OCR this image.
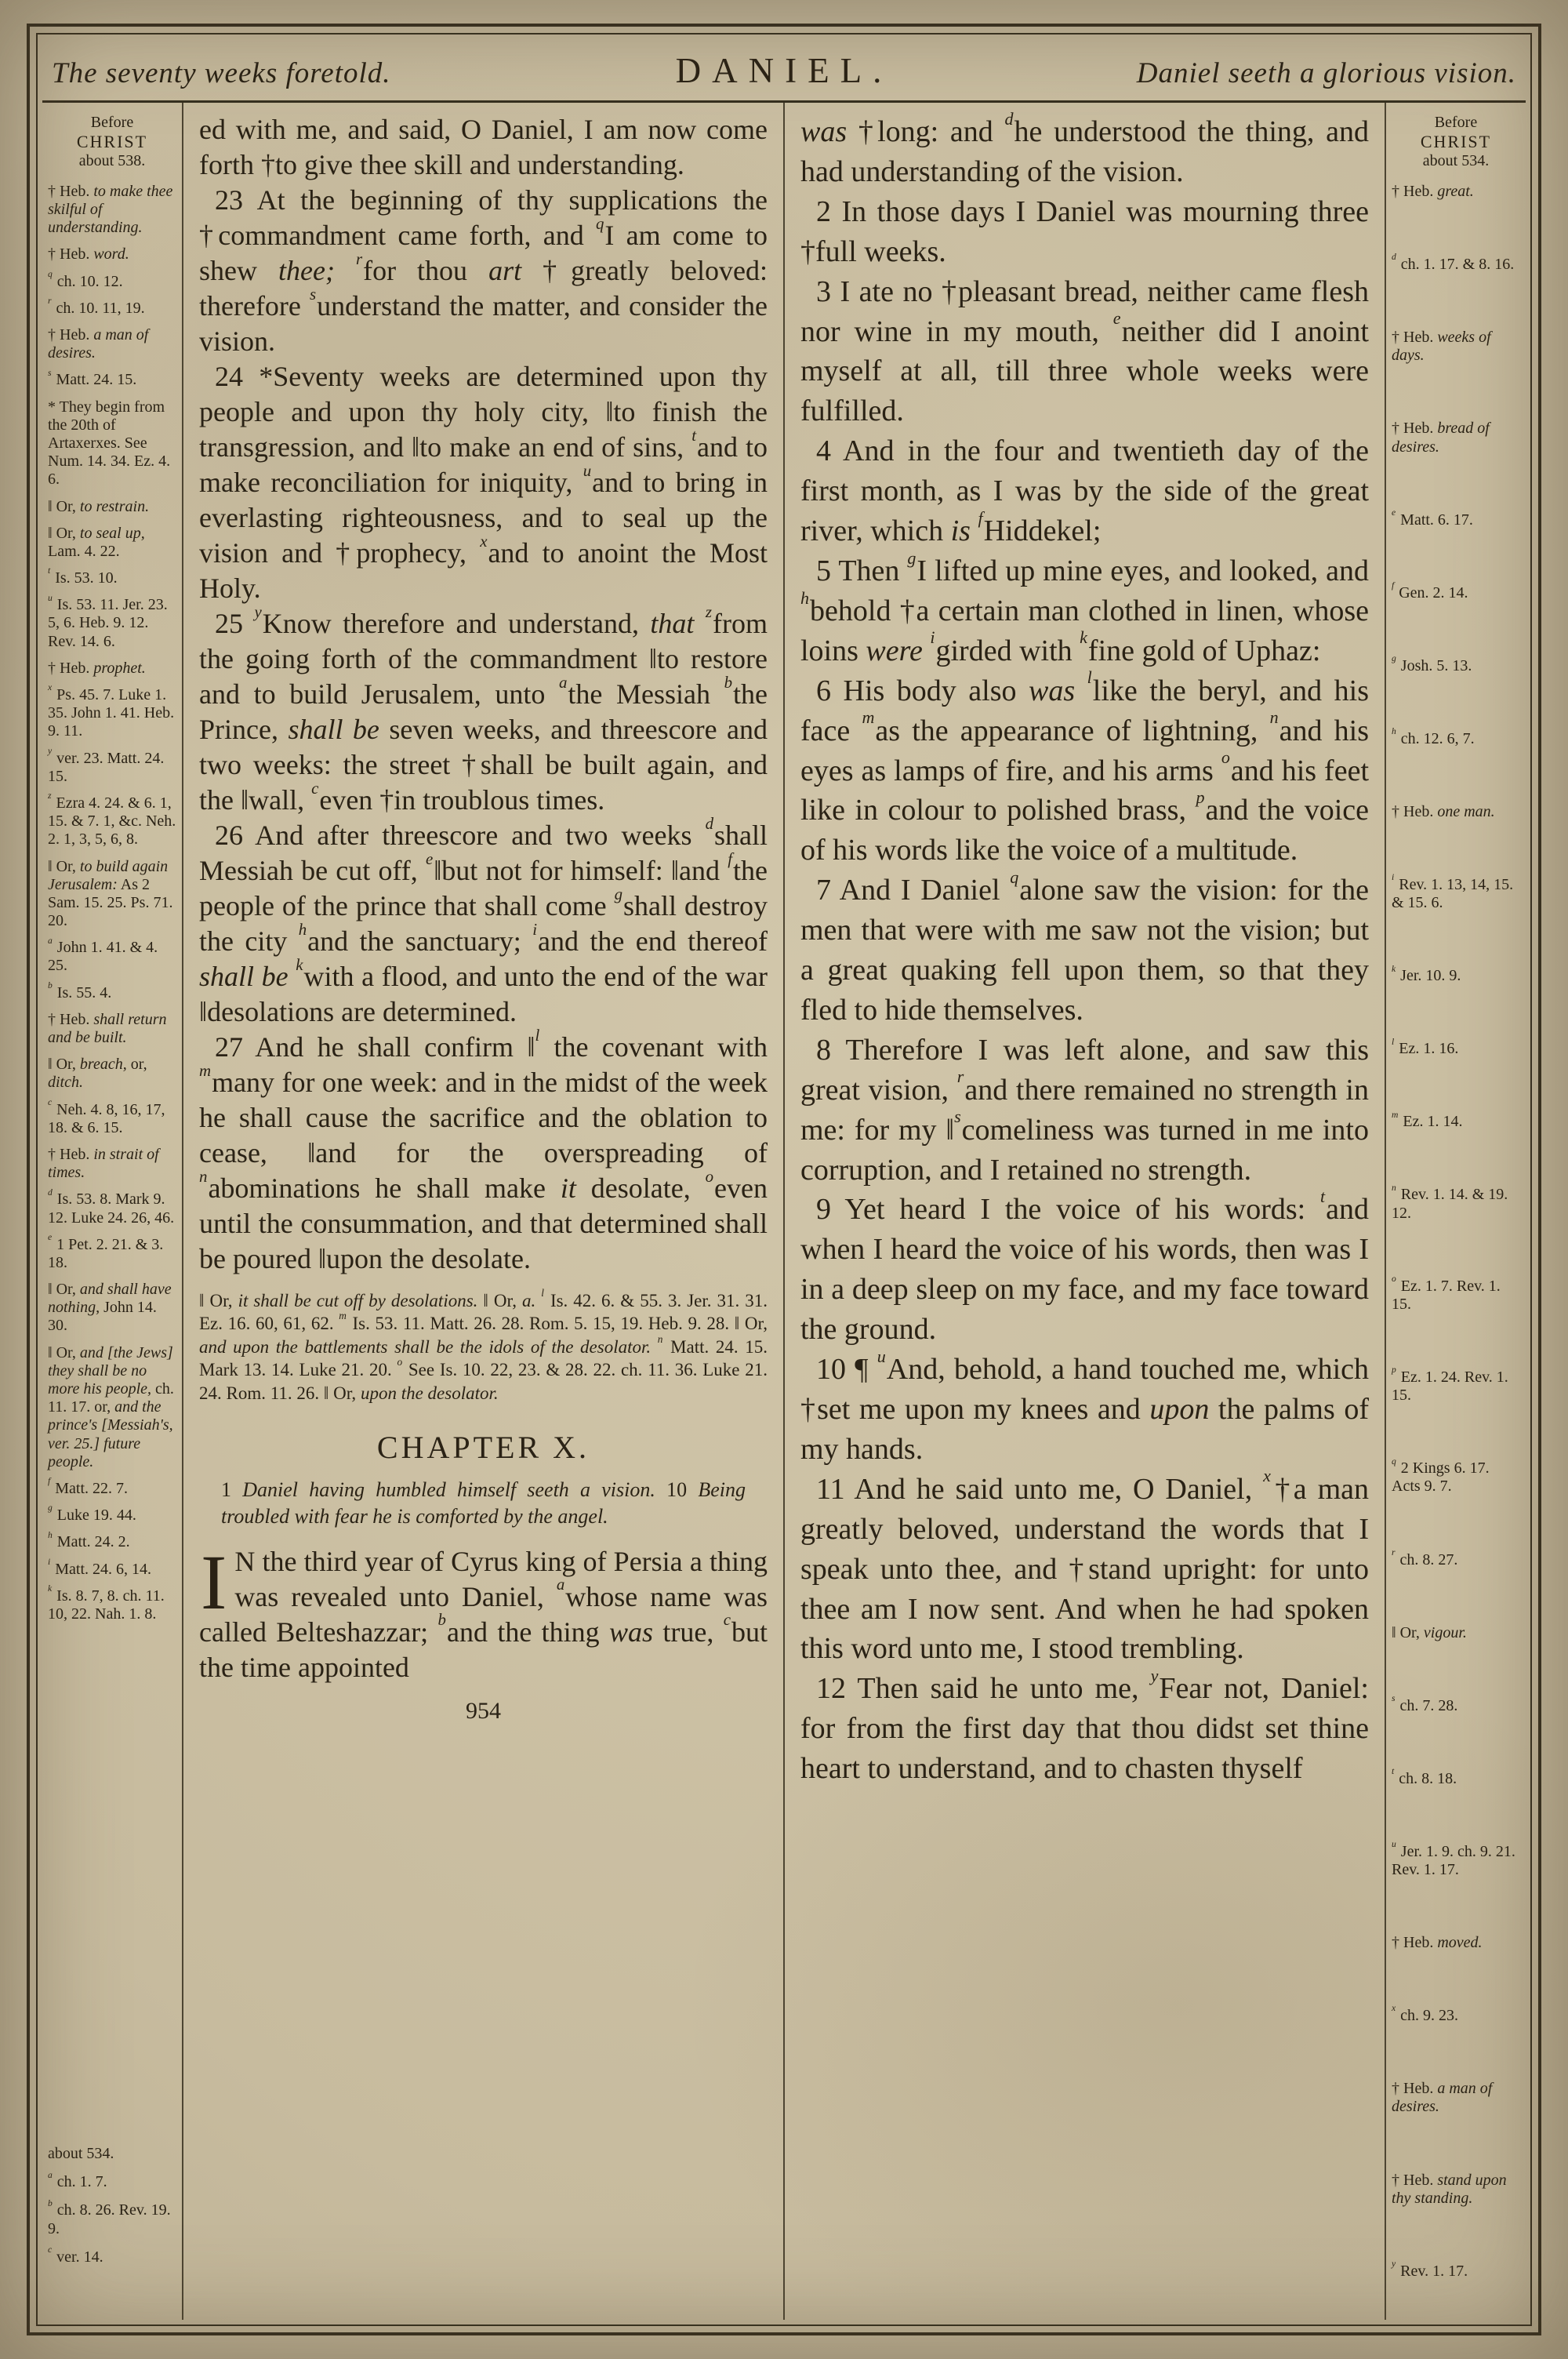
The seventy weeks foretold.	DANIEL.	Daniel seeth a glorious vision.
Before
CHRIST
about 538.
† Heb. to make thee skilful of understanding.
† Heb. word.
$^q$ ch. 10. 12.
$^r$ ch. 10. 11, 19.
† Heb. a man of desires.
$^s$ Matt. 24. 15.
* They begin from the 20th of Artaxerxes. See Num. 14. 34. Ez. 4. 6.
‖ Or, to restrain.
‖ Or, to seal up, Lam. 4. 22.
$^t$ Is. 53. 10.
$^u$ Is. 53. 11. Jer. 23. 5, 6. Heb. 9. 12. Rev. 14. 6.
† Heb. prophet.
$^x$ Ps. 45. 7. Luke 1. 35. John 1. 41. Heb. 9. 11.
$^y$ ver. 23. Matt. 24. 15.
$^z$ Ezra 4. 24. & 6. 1, 15. & 7. 1, &c. Neh. 2. 1, 3, 5, 6, 8.
‖ Or, to build again Jerusalem: As 2 Sam. 15. 25. Ps. 71. 20.
$^a$ John 1. 41. & 4. 25.
$^b$ Is. 55. 4.
† Heb. shall return and be built.
‖ Or, breach, or, ditch.
$^c$ Neh. 4. 8, 16, 17, 18. & 6. 15.
† Heb. in strait of times.
$^d$ Is. 53. 8. Mark 9. 12. Luke 24. 26, 46.
$^e$ 1 Pet. 2. 21. & 3. 18.
‖ Or, and shall have nothing, John 14. 30.
‖ Or, and [the Jews] they shall be no more his people, ch. 11. 17. or, and the prince's [Messiah's, ver. 25.] future people.
$^f$ Matt. 22. 7.
$^g$ Luke 19. 44.
$^h$ Matt. 24. 2.
$^i$ Matt. 24. 6, 14.
$^k$ Is. 8. 7, 8. ch. 11. 10, 22. Nah. 1. 8.
about 534.
$^a$ ch. 1. 7.
$^b$ ch. 8. 26. Rev. 19. 9.
$^c$ ver. 14.

ed with me, and said, O Daniel, I am now come forth †to give thee skill and understanding.

23 At the beginning of thy supplications the †commandment came forth, and $^q$I am come to shew thee; $^r$for thou art †greatly beloved: therefore $^s$understand the matter, and consider the vision.

24 *Seventy weeks are determined upon thy people and upon thy holy city, ‖to finish the transgression, and ‖to make an end of sins, $^t$and to make reconciliation for iniquity, $^u$and to bring in everlasting righteousness, and to seal up the vision and †prophecy, $^x$and to anoint the Most Holy.

25 $^y$Know therefore and understand, that $^z$from the going forth of the commandment ‖to restore and to build Jerusalem, unto $^a$the Messiah $^b$the Prince, shall be seven weeks, and threescore and two weeks: the street †shall be built again, and the ‖wall, $^c$even †in troublous times.

26 And after threescore and two weeks $^d$shall Messiah be cut off, $^e$‖but not for himself: ‖and $^f$the people of the prince that shall come $^g$shall destroy the city $^h$and the sanctuary; $^i$and the end thereof shall be $^k$with a flood, and unto the end of the war ‖desolations are determined.

27 And he shall confirm ‖$^l$ the covenant with $^m$many for one week: and in the midst of the week he shall cause the sacrifice and the oblation to cease, ‖and for the overspreading of $^n$abominations he shall make it desolate, $^o$even until the consummation, and that determined shall be poured ‖upon the desolate.

‖ Or, it shall be cut off by desolations. ‖ Or, a. $^l$ Is. 42. 6. & 55. 3. Jer. 31. 31. Ez. 16. 60, 61, 62. $^m$ Is. 53. 11. Matt. 26. 28. Rom. 5. 15, 19. Heb. 9. 28. ‖ Or, and upon the battlements shall be the idols of the desolator. $^n$ Matt. 24. 15. Mark 13. 14. Luke 21. 20. $^o$ See Is. 10. 22, 23. & 28. 22. ch. 11. 36. Luke 21. 24. Rom. 11. 26. ‖ Or, upon the desolator.

CHAPTER X.

1 Daniel having humbled himself seeth a vision. 10 Being troubled with fear he is comforted by the angel.

I N the third year of Cyrus king of Persia a thing was revealed unto Daniel, $^a$whose name was called Belteshazzar; $^b$and the thing was true, $^c$but the time appointed

954

was †long: and $^d$he understood the thing, and had understanding of the vision.

2 In those days I Daniel was mourning three †full weeks.

3 I ate no †pleasant bread, neither came flesh nor wine in my mouth, $^e$neither did I anoint myself at all, till three whole weeks were fulfilled.

4 And in the four and twentieth day of the first month, as I was by the side of the great river, which is $^f$Hiddekel;

5 Then $^g$I lifted up mine eyes, and looked, and $^h$behold †a certain man clothed in linen, whose loins were $^i$girded with $^k$fine gold of Uphaz:

6 His body also was $^l$like the beryl, and his face $^m$as the appearance of lightning, $^n$and his eyes as lamps of fire, and his arms $^o$and his feet like in colour to polished brass, $^p$and the voice of his words like the voice of a multitude.

7 And I Daniel $^q$alone saw the vision: for the men that were with me saw not the vision; but a great quaking fell upon them, so that they fled to hide themselves.

8 Therefore I was left alone, and saw this great vision, $^r$and there remained no strength in me: for my ‖$^s$comeliness was turned in me into corruption, and I retained no strength.

9 Yet heard I the voice of his words: $^t$and when I heard the voice of his words, then was I in a deep sleep on my face, and my face toward the ground.

10 ¶ $^u$And, behold, a hand touched me, which †set me upon my knees and upon the palms of my hands.

11 And he said unto me, O Daniel, $^x$†a man greatly beloved, understand the words that I speak unto thee, and †stand upright: for unto thee am I now sent. And when he had spoken this word unto me, I stood trembling.

12 Then said he unto me, $^y$Fear not, Daniel: for from the first day that thou didst set thine heart to understand, and to chasten thyself

Before
CHRIST
about 534.
† Heb. great.
$^d$ ch. 1. 17. & 8. 16.
† Heb. weeks of days.
† Heb. bread of desires.
$^e$ Matt. 6. 17.
$^f$ Gen. 2. 14.
$^g$ Josh. 5. 13.
$^h$ ch. 12. 6, 7.
† Heb. one man.
$^i$ Rev. 1. 13, 14, 15. & 15. 6.
$^k$ Jer. 10. 9.
$^l$ Ez. 1. 16.
$^m$ Ez. 1. 14.
$^n$ Rev. 1. 14. & 19. 12.
$^o$ Ez. 1. 7. Rev. 1. 15.
$^p$ Ez. 1. 24. Rev. 1. 15.
$^q$ 2 Kings 6. 17. Acts 9. 7.
$^r$ ch. 8. 27.
‖ Or, vigour.
$^s$ ch. 7. 28.
$^t$ ch. 8. 18.
$^u$ Jer. 1. 9. ch. 9. 21. Rev. 1. 17.
† Heb. moved.
$^x$ ch. 9. 23.
† Heb. a man of desires.
† Heb. stand upon thy standing.
$^y$ Rev. 1. 17.
